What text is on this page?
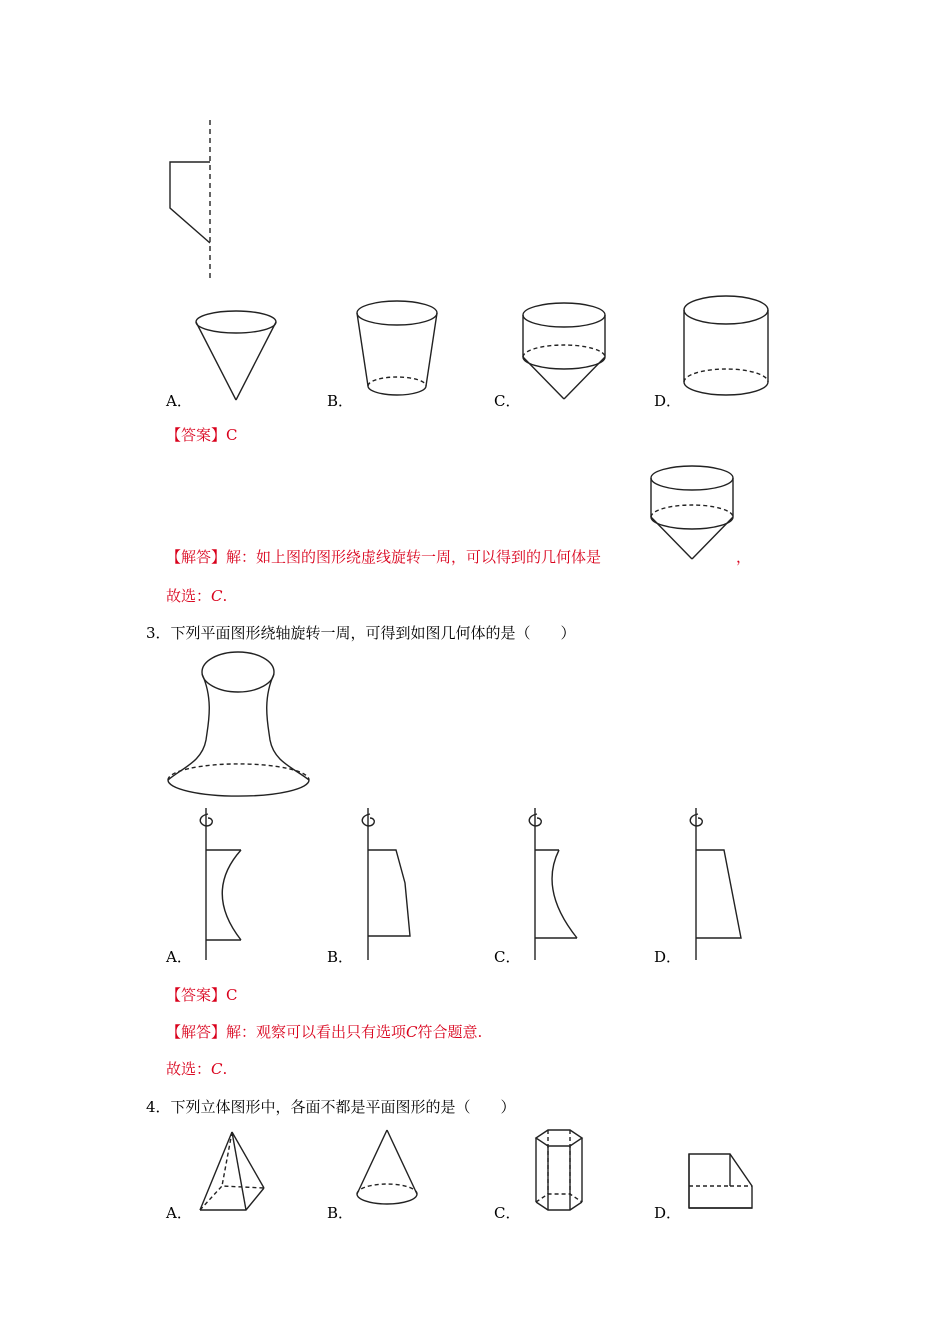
A．	B．	C．	D．
【答案】C
【解答】解：如上图的图形绕虚线旋转一周，可以得到的几何体是	，
故选：C.
3．下列平面图形绕轴旋转一周，可得到如图几何体的是（　　）
A．	B．	C．	D．
【答案】C
【解答】解：观察可以看出只有选项C符合题意.
故选：C.
4．下列立体图形中，各面不都是平面图形的是（　　）
A．	B．	C．	D．
